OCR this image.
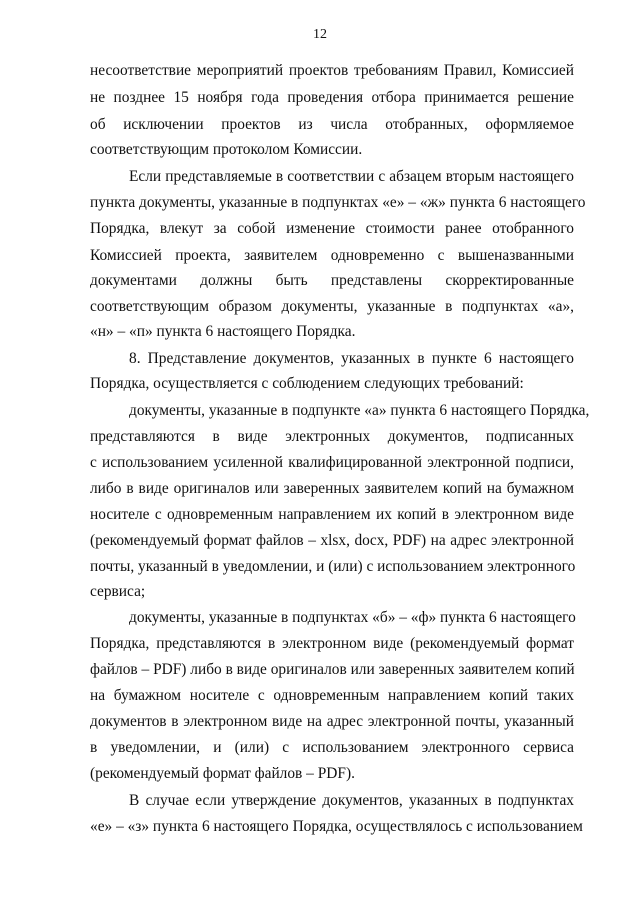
12
несоответствие мероприятий проектов требованиям Правил, Комиссией
не позднее 15 ноября года проведения отбора принимается решение
об исключении проектов из числа отобранных, оформляемое
соответствующим протоколом Комиссии.
Если представляемые в соответствии с абзацем вторым настоящего
пункта документы, указанные в подпунктах «е» – «ж» пункта 6 настоящего
Порядка, влекут за собой изменение стоимости ранее отобранного
Комиссией проекта, заявителем одновременно с вышеназванными
документами должны быть представлены скорректированные
соответствующим образом документы, указанные в подпунктах «а»,
«н» – «п» пункта 6 настоящего Порядка.
8. Представление документов, указанных в пункте 6 настоящего
Порядка, осуществляется с соблюдением следующих требований:
документы, указанные в подпункте «а» пункта 6 настоящего Порядка,
представляются в виде электронных документов, подписанных
с использованием усиленной квалифицированной электронной подписи,
либо в виде оригиналов или заверенных заявителем копий на бумажном
носителе с одновременным направлением их копий в электронном виде
(рекомендуемый формат файлов – xlsx, docx, PDF) на адрес электронной
почты, указанный в уведомлении, и (или) с использованием электронного
сервиса;
документы, указанные в подпунктах «б» – «ф» пункта 6 настоящего
Порядка, представляются в электронном виде (рекомендуемый формат
файлов – PDF) либо в виде оригиналов или заверенных заявителем копий
на бумажном носителе с одновременным направлением копий таких
документов в электронном виде на адрес электронной почты, указанный
в уведомлении, и (или) с использованием электронного сервиса
(рекомендуемый формат файлов – PDF).
В случае если утверждение документов, указанных в подпунктах
«е» – «з» пункта 6 настоящего Порядка, осуществлялось с использованием
